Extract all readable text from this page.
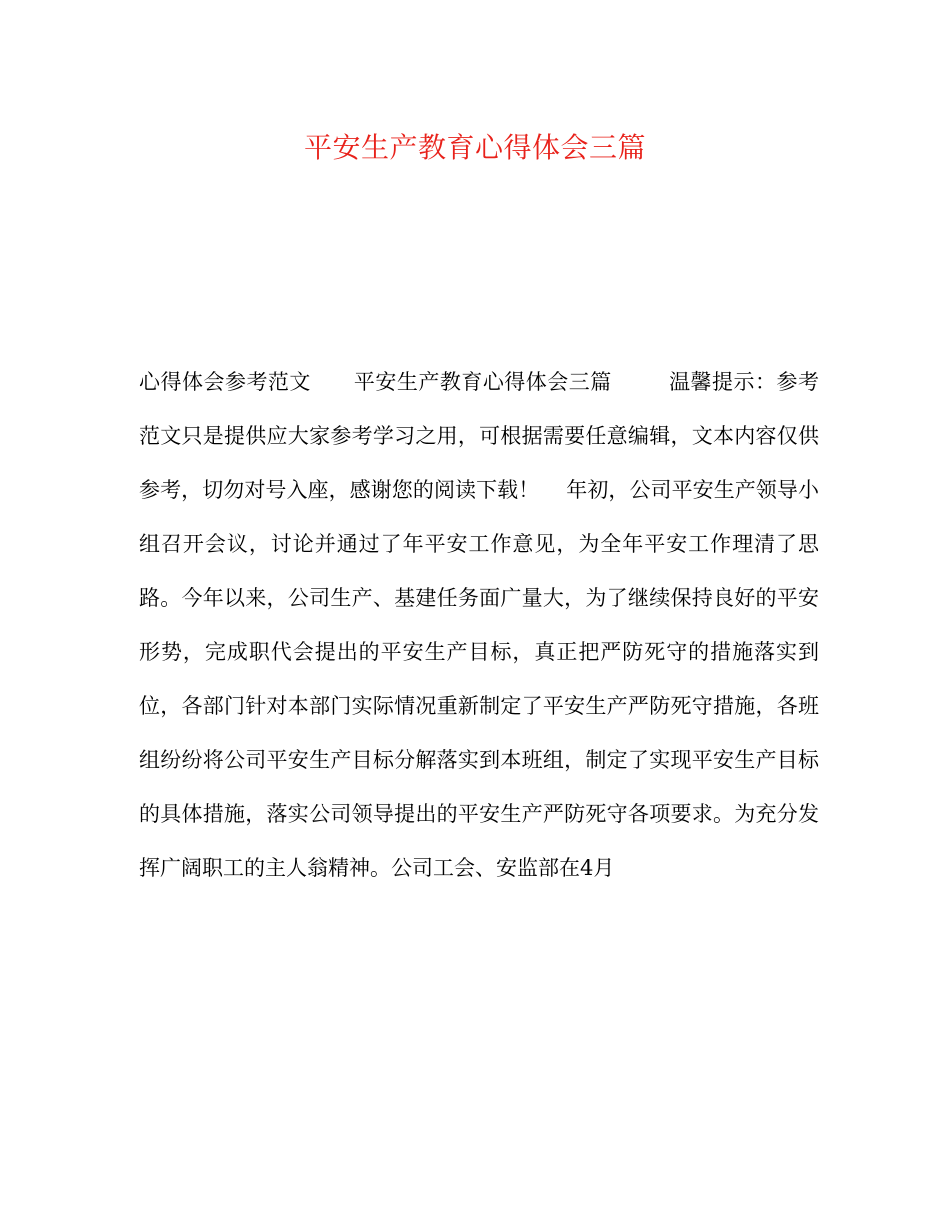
平安生产教育心得体会三篇

心得体会参考范文      平安生产教育心得体会三篇        温馨提示：参考范文只是提供应大家参考学习之用，可根据需要任意编辑，文本内容仅供参考，切勿对号入座，感谢您的阅读下载！    年初，公司平安生产领导小组召开会议，讨论并通过了年平安工作意见，为全年平安工作理清了思路。今年以来，公司生产、基建任务面广量大，为了继续保持良好的平安形势，完成职代会提出的平安生产目标，真正把严防死守的措施落实到位，各部门针对本部门实际情况重新制定了平安生产严防死守措施，各班组纷纷将公司平安生产目标分解落实到本班组，制定了实现平安生产目标的具体措施，落实公司领导提出的平安生产严防死守各项要求。为充分发挥广阔职工的主人翁精神。公司工会、安监部在4月
